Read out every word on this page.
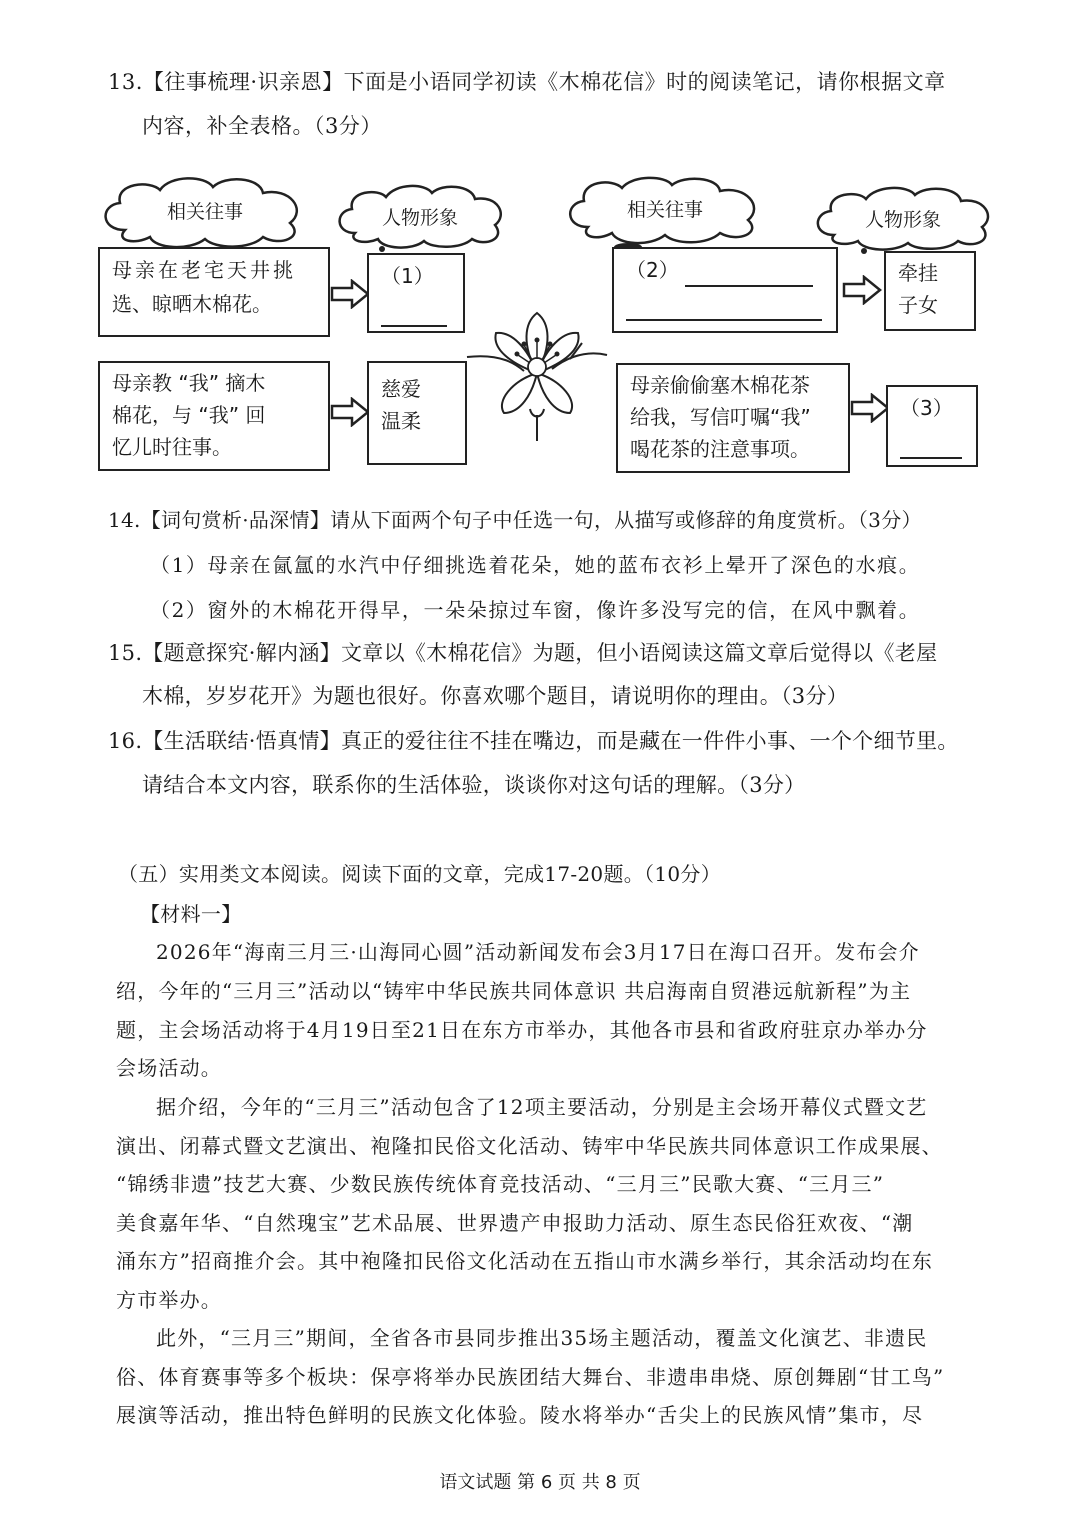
13.【往事梳理·识亲恩】下面是小语同学初读《木棉花信》时的阅读笔记，请你根据文章
内容，补全表格。（3分）
相关往事	人物形象	相关往事	人物形象
母亲在老宅天井挑
选、晾晒木棉花。
（1）	（2）	牵挂
子女
母亲教 “我” 摘木
棉花，与 “我” 回
忆儿时往事。
慈爱
温柔
母亲偷偷塞木棉花茶
给我，写信叮嘱“我”
喝花茶的注意事项。
（3）
14.【词句赏析·品深情】请从下面两个句子中任选一句，从描写或修辞的角度赏析。（3分）
（1）母亲在氤氲的水汽中仔细挑选着花朵，她的蓝布衣衫上晕开了深色的水痕。
（2）窗外的木棉花开得早，一朵朵掠过车窗，像许多没写完的信，在风中飘着。
15.【题意探究·解内涵】文章以《木棉花信》为题，但小语阅读这篇文章后觉得以《老屋
木棉，岁岁花开》为题也很好。你喜欢哪个题目，请说明你的理由。（3分）
16.【生活联结·悟真情】真正的爱往往不挂在嘴边，而是藏在一件件小事、一个个细节里。
请结合本文内容，联系你的生活体验，谈谈你对这句话的理解。（3分）
（五）实用类文本阅读。阅读下面的文章，完成17-20题。（10分）
【材料一】
2026年“海南三月三·山海同心圆”活动新闻发布会3月17日在海口召开。发布会介
绍，今年的“三月三”活动以“铸牢中华民族共同体意识 共启海南自贸港远航新程”为主
题，主会场活动将于4月19日至21日在东方市举办，其他各市县和省政府驻京办举办分
会场活动。
据介绍，今年的“三月三”活动包含了12项主要活动，分别是主会场开幕仪式暨文艺
演出、闭幕式暨文艺演出、袍隆扣民俗文化活动、铸牢中华民族共同体意识工作成果展、
“锦绣非遗”技艺大赛、少数民族传统体育竞技活动、“三月三”民歌大赛、“三月三”
美食嘉年华、“自然瑰宝”艺术品展、世界遗产申报助力活动、原生态民俗狂欢夜、“潮
涌东方”招商推介会。其中袍隆扣民俗文化活动在五指山市水满乡举行，其余活动均在东
方市举办。
此外，“三月三”期间，全省各市县同步推出35场主题活动，覆盖文化演艺、非遗民
俗、体育赛事等多个板块：保亭将举办民族团结大舞台、非遗串串烧、原创舞剧“甘工鸟”
展演等活动，推出特色鲜明的民族文化体验。陵水将举办“舌尖上的民族风情”集市，尽
语文试题 第 6 页 共 8 页
